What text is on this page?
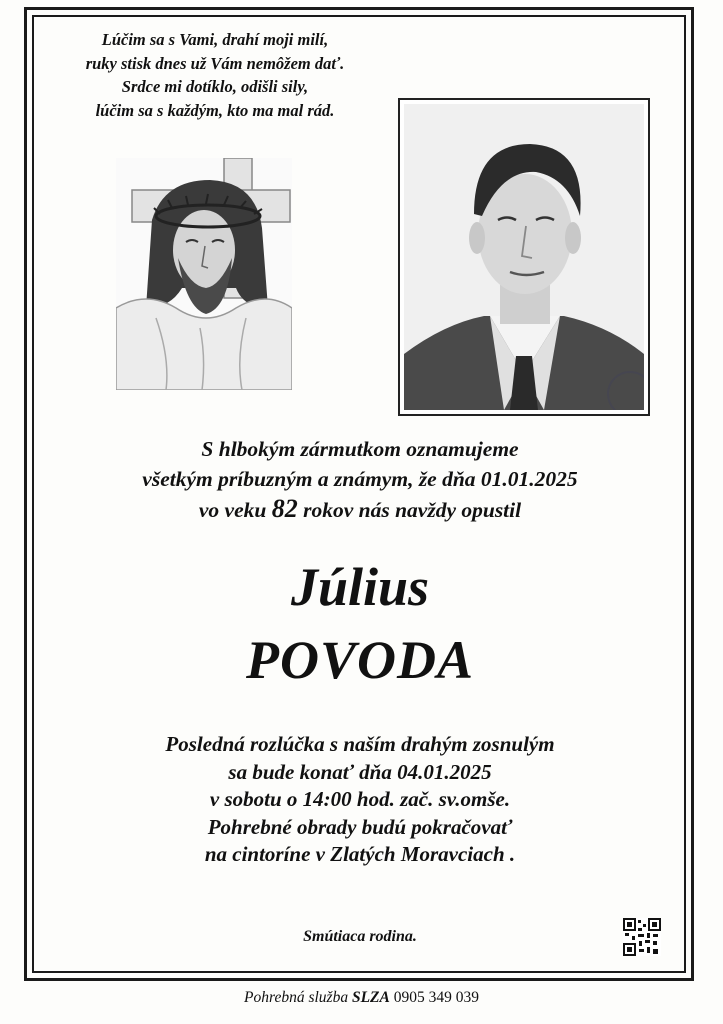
Lúčim sa s Vami, drahí moji milí,
ruky stisk dnes už Vám nemôžem dať.
Srdce mi dotíklo, odišli sily,
lúčim sa s každým, kto ma mal rád.
S hlbokým zármutkom oznamujeme
všetkým príbuzným a známym, že dňa 01.01.2025
vo veku 82 rokov nás navždy opustil
Július
POVODA
Posledná rozlúčka s naším drahým zosnulým
sa bude konať dňa 04.01.2025
v sobotu o 14:00 hod. zač. sv.omše.
Pohrebné obrady budú pokračovať
na cintoríne v Zlatých Moravciach .
Smútiaca rodina.
Pohrebná služba SLZA 0905 349 039
